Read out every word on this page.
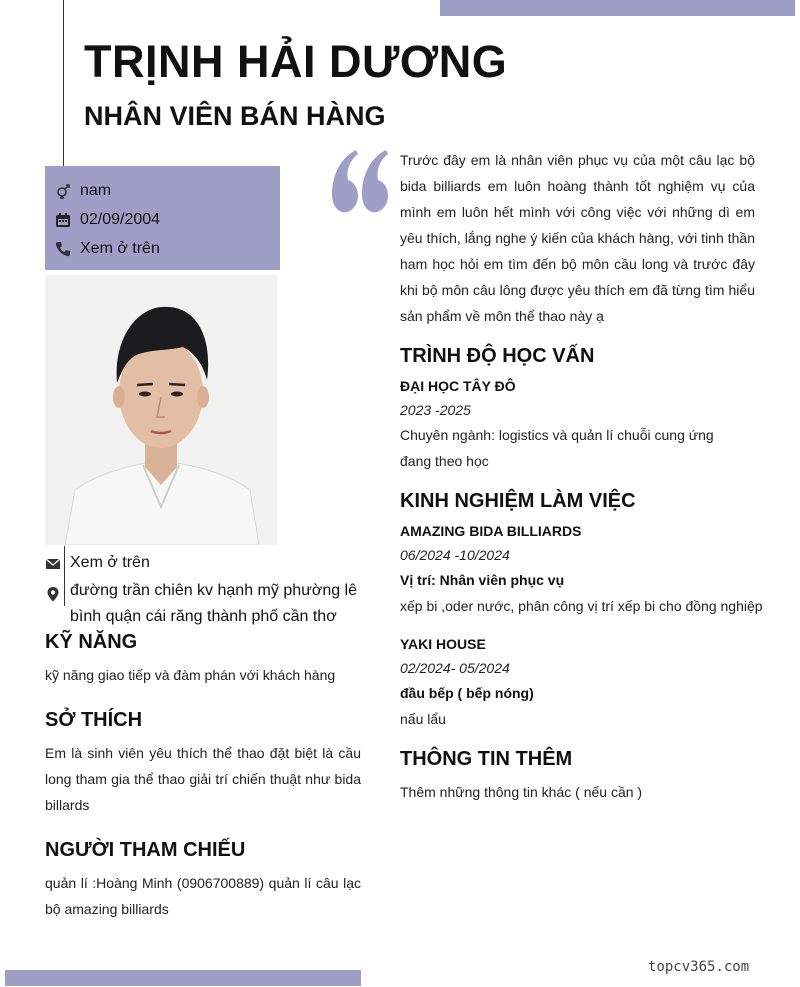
TRỊNH HẢI DƯƠNG
NHÂN VIÊN BÁN HÀNG
nam
02/09/2004
Xem ở trên
Xem ở trên
đường trần chiên kv hạnh mỹ phường lê
bình quận cái răng thành phố cần thơ
KỸ NĂNG
kỹ năng giao tiếp và đàm phán với khách hàng
SỞ THÍCH
Em là sinh viên yêu thích thể thao đặt biệt là cầu long tham gia thể thao giải trí chiến thuật như bida billards
NGƯỜI THAM CHIẾU
quản lí :Hoàng Minh (0906700889) quản lí câu lạc bộ amazing billiards
Trước đây em là nhân viên phục vụ của một câu lạc bộ bida billiards em luôn hoàng thành tốt nghiệm vụ của mình em luôn hết mình với công việc với những dì em yêu thích, lắng nghe ý kiến của khách hàng, với tinh thần ham học hỏi em tìm đến bộ môn cầu long và trước đây khi bộ môn câu lông được yêu thích em đã từng tìm hiểu sản phẩm về môn thể thao này ạ
TRÌNH ĐỘ HỌC VẤN
ĐẠI HỌC TÂY ĐÔ
2023 -2025
Chuyên ngành: logistics và quản lí chuỗi cung ứng
đang theo học
KINH NGHIỆM LÀM VIỆC
AMAZING BIDA BILLIARDS
06/2024 -10/2024
Vị trí: Nhân viên phục vụ
xếp bi ,oder nước, phân công vị trí xếp bi cho đồng nghiệp
YAKI HOUSE
02/2024- 05/2024
đầu bếp ( bếp nóng)
nấu lẩu
THÔNG TIN THÊM
Thêm những thông tin khác ( nếu cần )
topcv365.com
